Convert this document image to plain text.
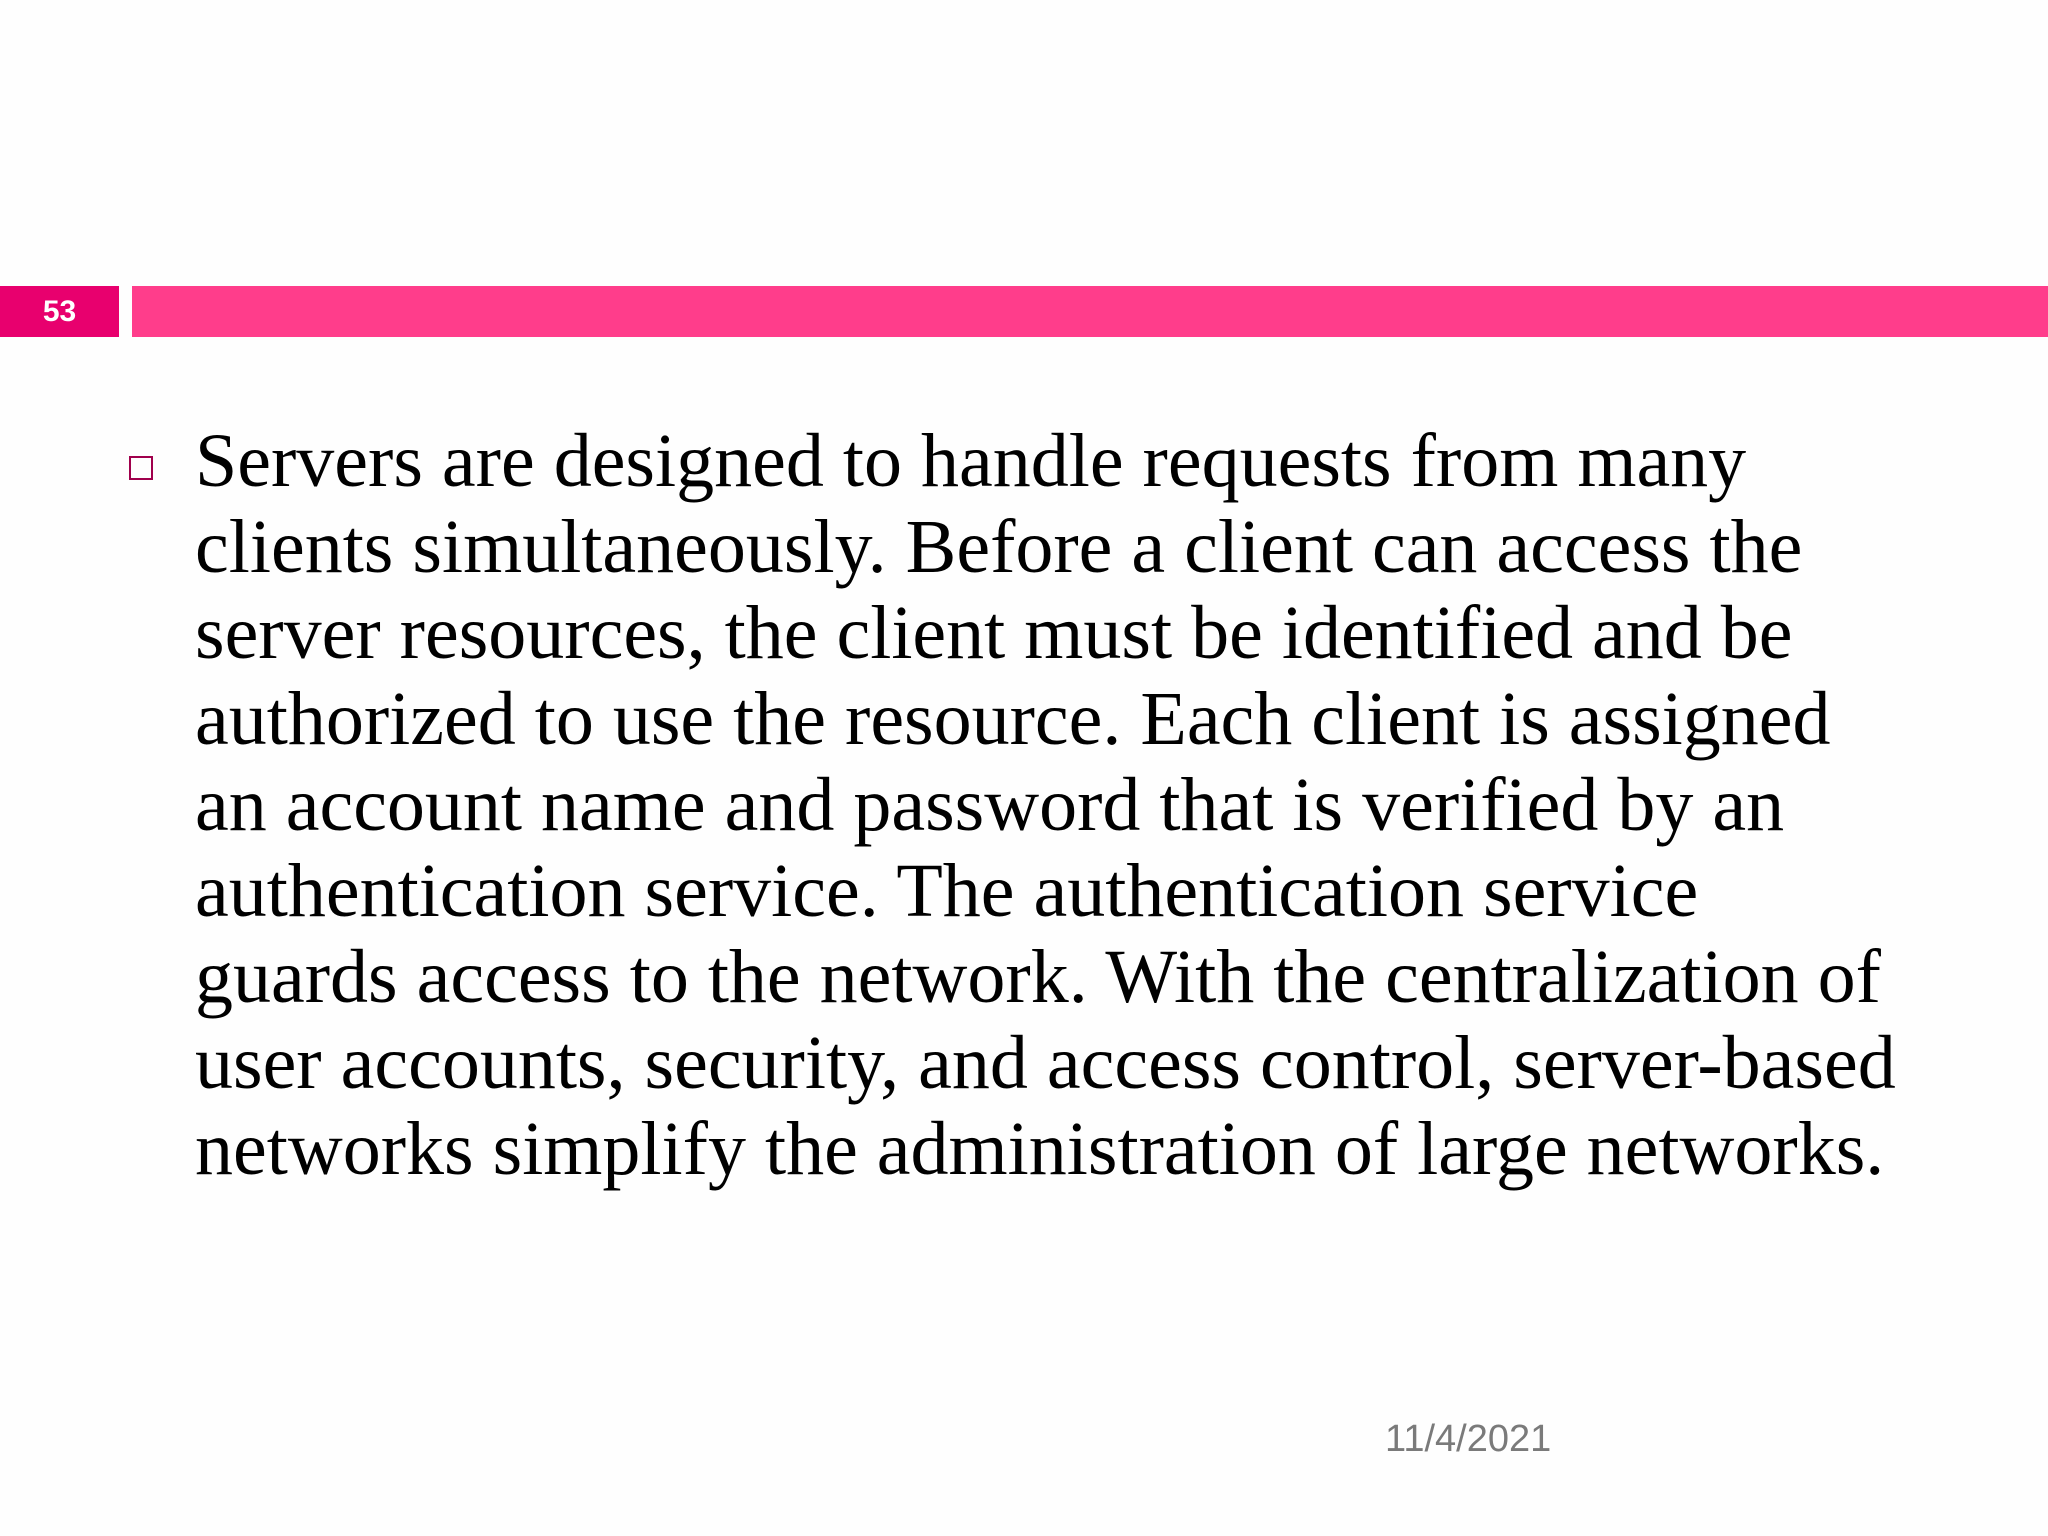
53

Servers are designed to handle requests from many
clients simultaneously. Before a client can access the
server resources, the client must be identified and be
authorized to use the resource. Each client is assigned
an account name and password that is verified by an
authentication service. The authentication service
guards access to the network. With the centralization of
user accounts, security, and access control, server-based
networks simplify the administration of large networks.

11/4/2021
